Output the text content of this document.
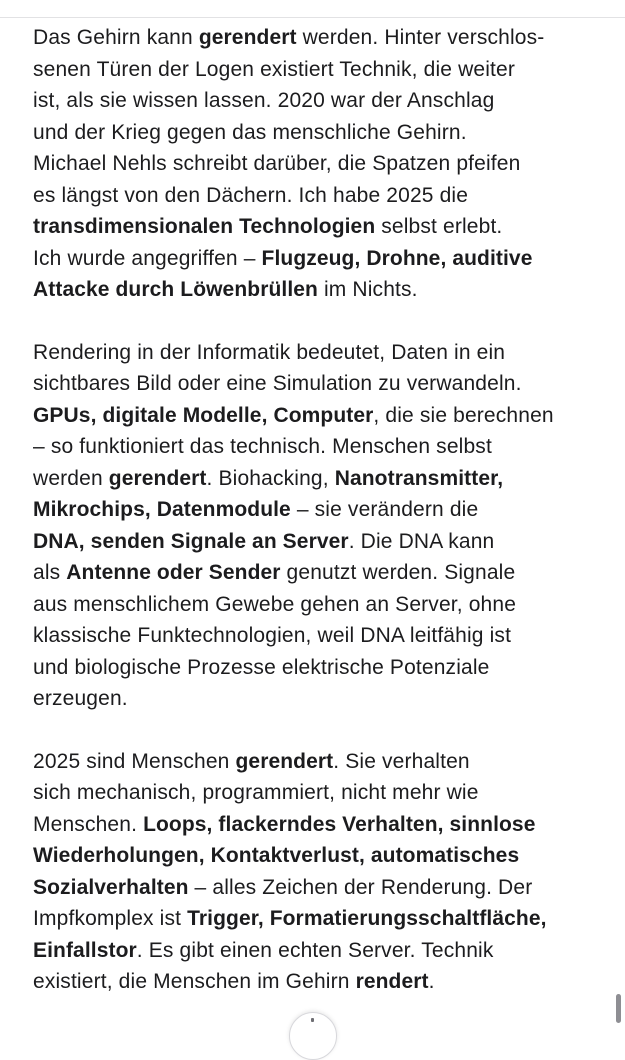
Das Gehirn kann gerendert werden. Hinter verschlos-
senen Türen der Logen existiert Technik, die weiter
ist, als sie wissen lassen. 2020 war der Anschlag
und der Krieg gegen das menschliche Gehirn.
Michael Nehls schreibt darüber, die Spatzen pfeifen
es längst von den Dächern. Ich habe 2025 die
transdimensionalen Technologien selbst erlebt.
Ich wurde angegriffen – Flugzeug, Drohne, auditive
Attacke durch Löwenbrüllen im Nichts.

Rendering in der Informatik bedeutet, Daten in ein
sichtbares Bild oder eine Simulation zu verwandeln.
GPUs, digitale Modelle, Computer, die sie berechnen
– so funktioniert das technisch. Menschen selbst
werden gerendert. Biohacking, Nanotransmitter,
Mikrochips, Datenmodule – sie verändern die
DNA, senden Signale an Server. Die DNA kann
als Antenne oder Sender genutzt werden. Signale
aus menschlichem Gewebe gehen an Server, ohne
klassische Funktechnologien, weil DNA leitfähig ist
und biologische Prozesse elektrische Potenziale
erzeugen.

2025 sind Menschen gerendert. Sie verhalten
sich mechanisch, programmiert, nicht mehr wie
Menschen. Loops, flackerndes Verhalten, sinnlose
Wiederholungen, Kontaktverlust, automatisches
Sozialverhalten – alles Zeichen der Renderung. Der
Impfkomplex ist Trigger, Formatierungsschaltfläche,
Einfallstor. Es gibt einen echten Server. Technik
existiert, die Menschen im Gehirn rendert.
